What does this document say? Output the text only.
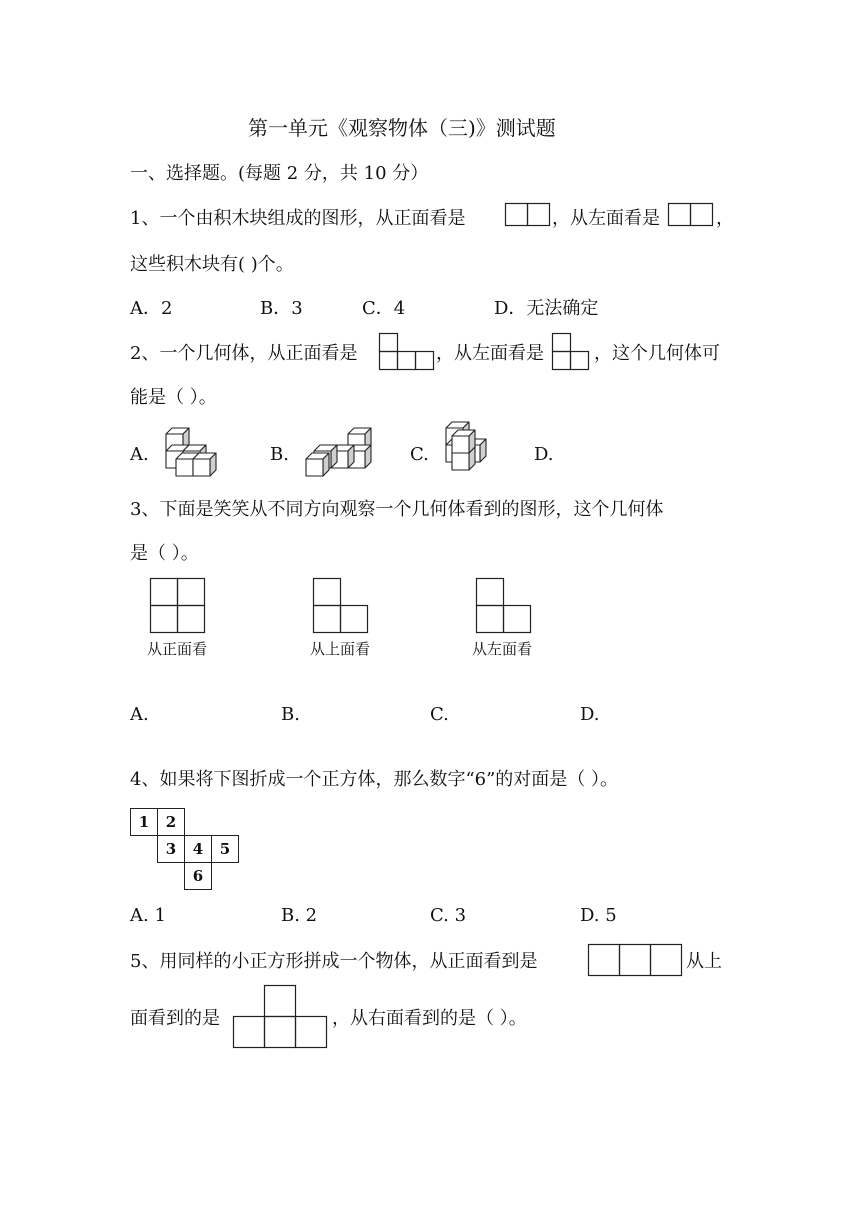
第一单元《观察物体（三)》测试题
一、选择题。(每题 2 分，共 10 分）
1、一个由积木块组成的图形，从正面看是	，从左面看是	，
这些积木块有( )个。
A．2	B．3	C．4	D．无法确定
2、一个几何体，从正面看是	，从左面看是	，这个几何体可
能是（ ）。
A.	B.	C.	D.
3、下面是笑笑从不同方向观察一个几何体看到的图形，这个几何体
是（ ）。
从正面看	从上面看	从左面看
A.	B.	C.	D.
4、如果将下图折成一个正方体，那么数字“6”的对面是（ ）。
1	2		
	3	4	5
		6	
A. 1	B. 2	C. 3	D. 5
5、用同样的小正方形拼成一个物体，从正面看到是	从上
面看到的是	，从右面看到的是（ ）。
